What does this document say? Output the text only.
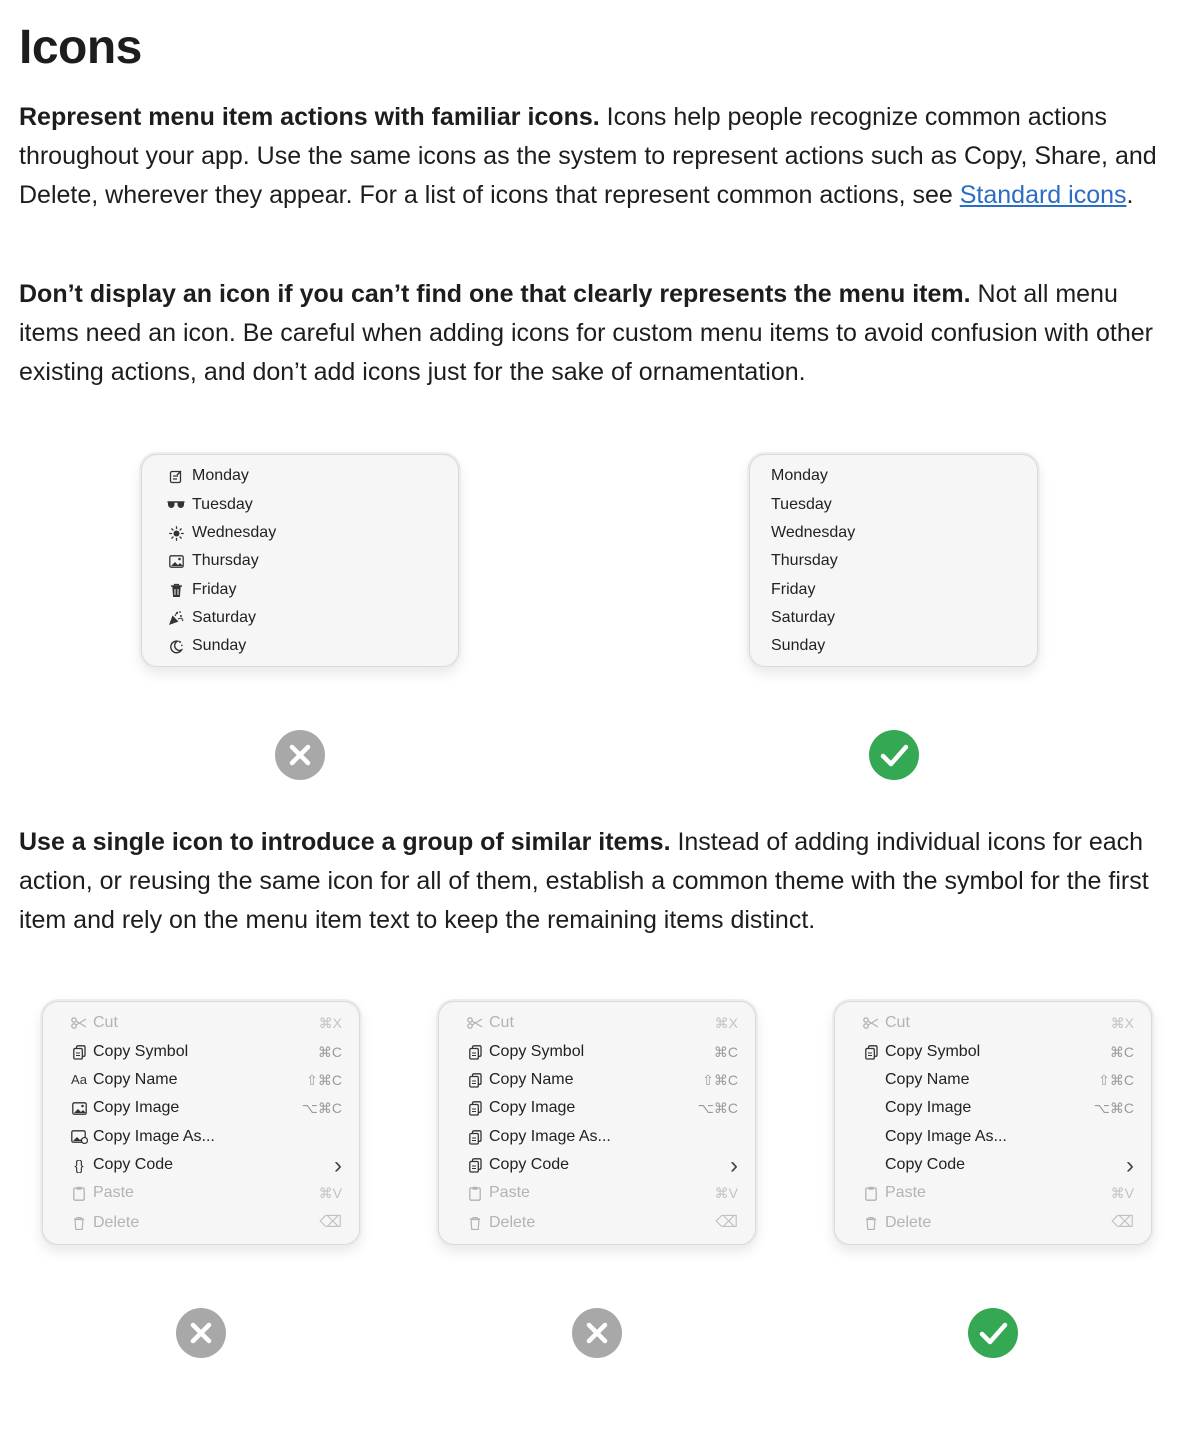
Icons

Represent menu item actions with familiar icons. Icons help people recognize common actions throughout your app. Use the same icons as the system to represent actions such as Copy, Share, and Delete, wherever they appear. For a list of icons that represent common actions, see Standard icons.

Don’t display an icon if you can’t find one that clearly represents the menu item. Not all menu items need an icon. Be careful when adding icons for custom menu items to avoid confusion with other existing actions, and don’t add icons just for the sake of ornamentation.

Use a single icon to introduce a group of similar items. Instead of adding individual icons for each action, or reusing the same icon for all of them, establish a common theme with the symbol for the first item and rely on the menu item text to keep the remaining items distinct.

Monday
Tuesday
Wednesday
Thursday
Friday
Saturday
Sunday
Monday
Tuesday
Wednesday
Thursday
Friday
Saturday
Sunday
Cut	⌘X
Copy Symbol	⌘C
Aa Copy Name	⇧⌘C
Copy Image	⌥⌘C
Copy Image As...
{} Copy Code	›
Paste	⌘V
Delete	⌫
Cut	⌘X
Copy Symbol	⌘C
Copy Name	⇧⌘C
Copy Image	⌥⌘C
Copy Image As...
Copy Code	›
Paste	⌘V
Delete	⌫
Cut	⌘X
Copy Symbol	⌘C
Copy Name	⇧⌘C
Copy Image	⌥⌘C
Copy Image As...
Copy Code	›
Paste	⌘V
Delete	⌫
